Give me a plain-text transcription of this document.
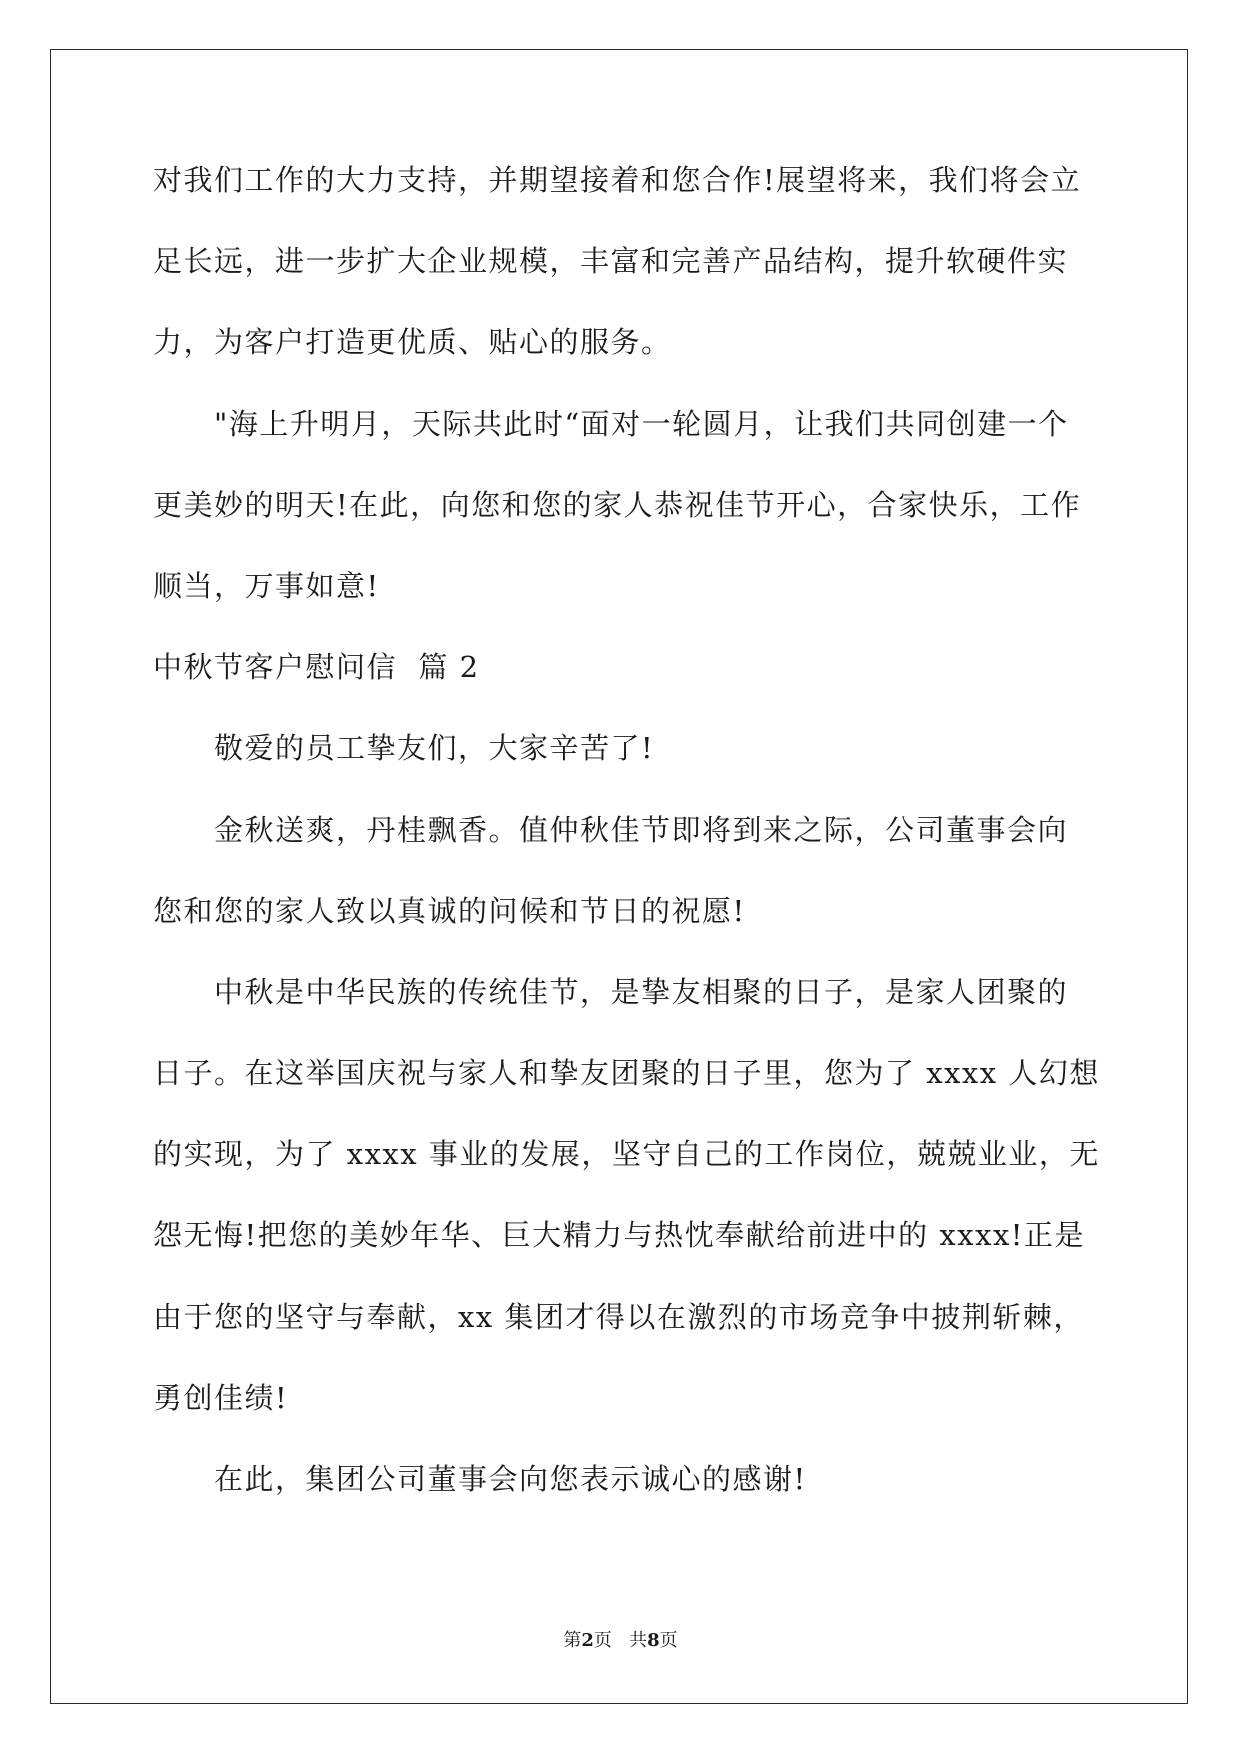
对我们工作的大力支持，并期望接着和您合作!展望将来，我们将会立
足长远，进一步扩大企业规模，丰富和完善产品结构，提升软硬件实
力，为客户打造更优质、贴心的服务。
"海上升明月，天际共此时“面对一轮圆月，让我们共同创建一个
更美妙的明天!在此，向您和您的家人恭祝佳节开心，合家快乐，工作
顺当，万事如意!
中秋节客户慰问信  篇 2
敬爱的员工挚友们，大家辛苦了!
金秋送爽，丹桂飘香。值仲秋佳节即将到来之际，公司董事会向
您和您的家人致以真诚的问候和节日的祝愿!
中秋是中华民族的传统佳节，是挚友相聚的日子，是家人团聚的
日子。在这举国庆祝与家人和挚友团聚的日子里，您为了 xxxx 人幻想
的实现，为了 xxxx 事业的发展，坚守自己的工作岗位，兢兢业业，无
怨无悔!把您的美妙年华、巨大精力与热忱奉献给前进中的 xxxx!正是
由于您的坚守与奉献，xx 集团才得以在激烈的市场竞争中披荆斩棘，
勇创佳绩!
在此，集团公司董事会向您表示诚心的感谢!
第2页 共8页
